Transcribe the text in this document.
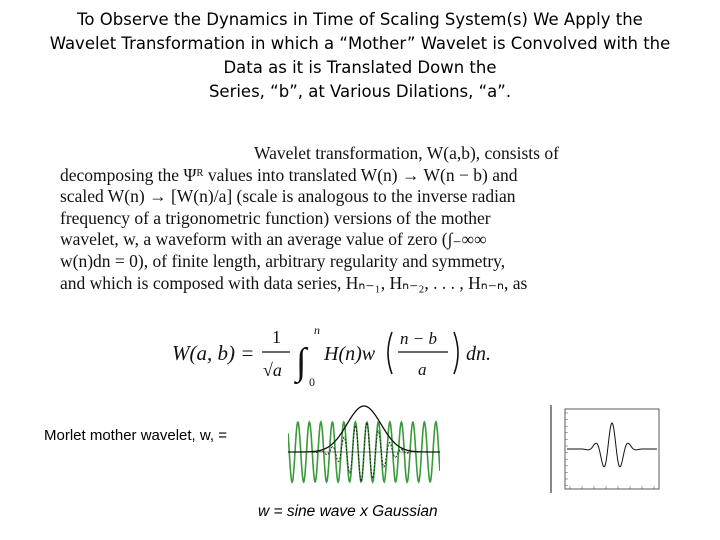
To Observe the Dynamics in Time of Scaling System(s) We Apply the
Wavelet Transformation in which a “Mother” Wavelet is Convolved with the
Data as it is Translated Down the
Series, “b”, at Various Dilations, “a”.
Wavelet transformation, W(a,b), consists of
decomposing the Ψᴿ values into translated W(n) → W(n − b) and
scaled W(n) → [W(n)/a] (scale is analogous to the inverse radian
frequency of a trigonometric function) versions of the mother
wavelet, w, a waveform with an average value of zero (∫₋∞∞
w(n)dn = 0), of finite length, arbitrary regularity and symmetry,
and which is composed with data series, Hₙ₋₁, Hₙ₋₂, . . . , Hₙ₋ₙ, as
W(a, b) =
1
√a ∫
n
0
H(n)w
n − b
a
dn.
Morlet mother wavelet, w, =
w = sine wave x Gaussian
